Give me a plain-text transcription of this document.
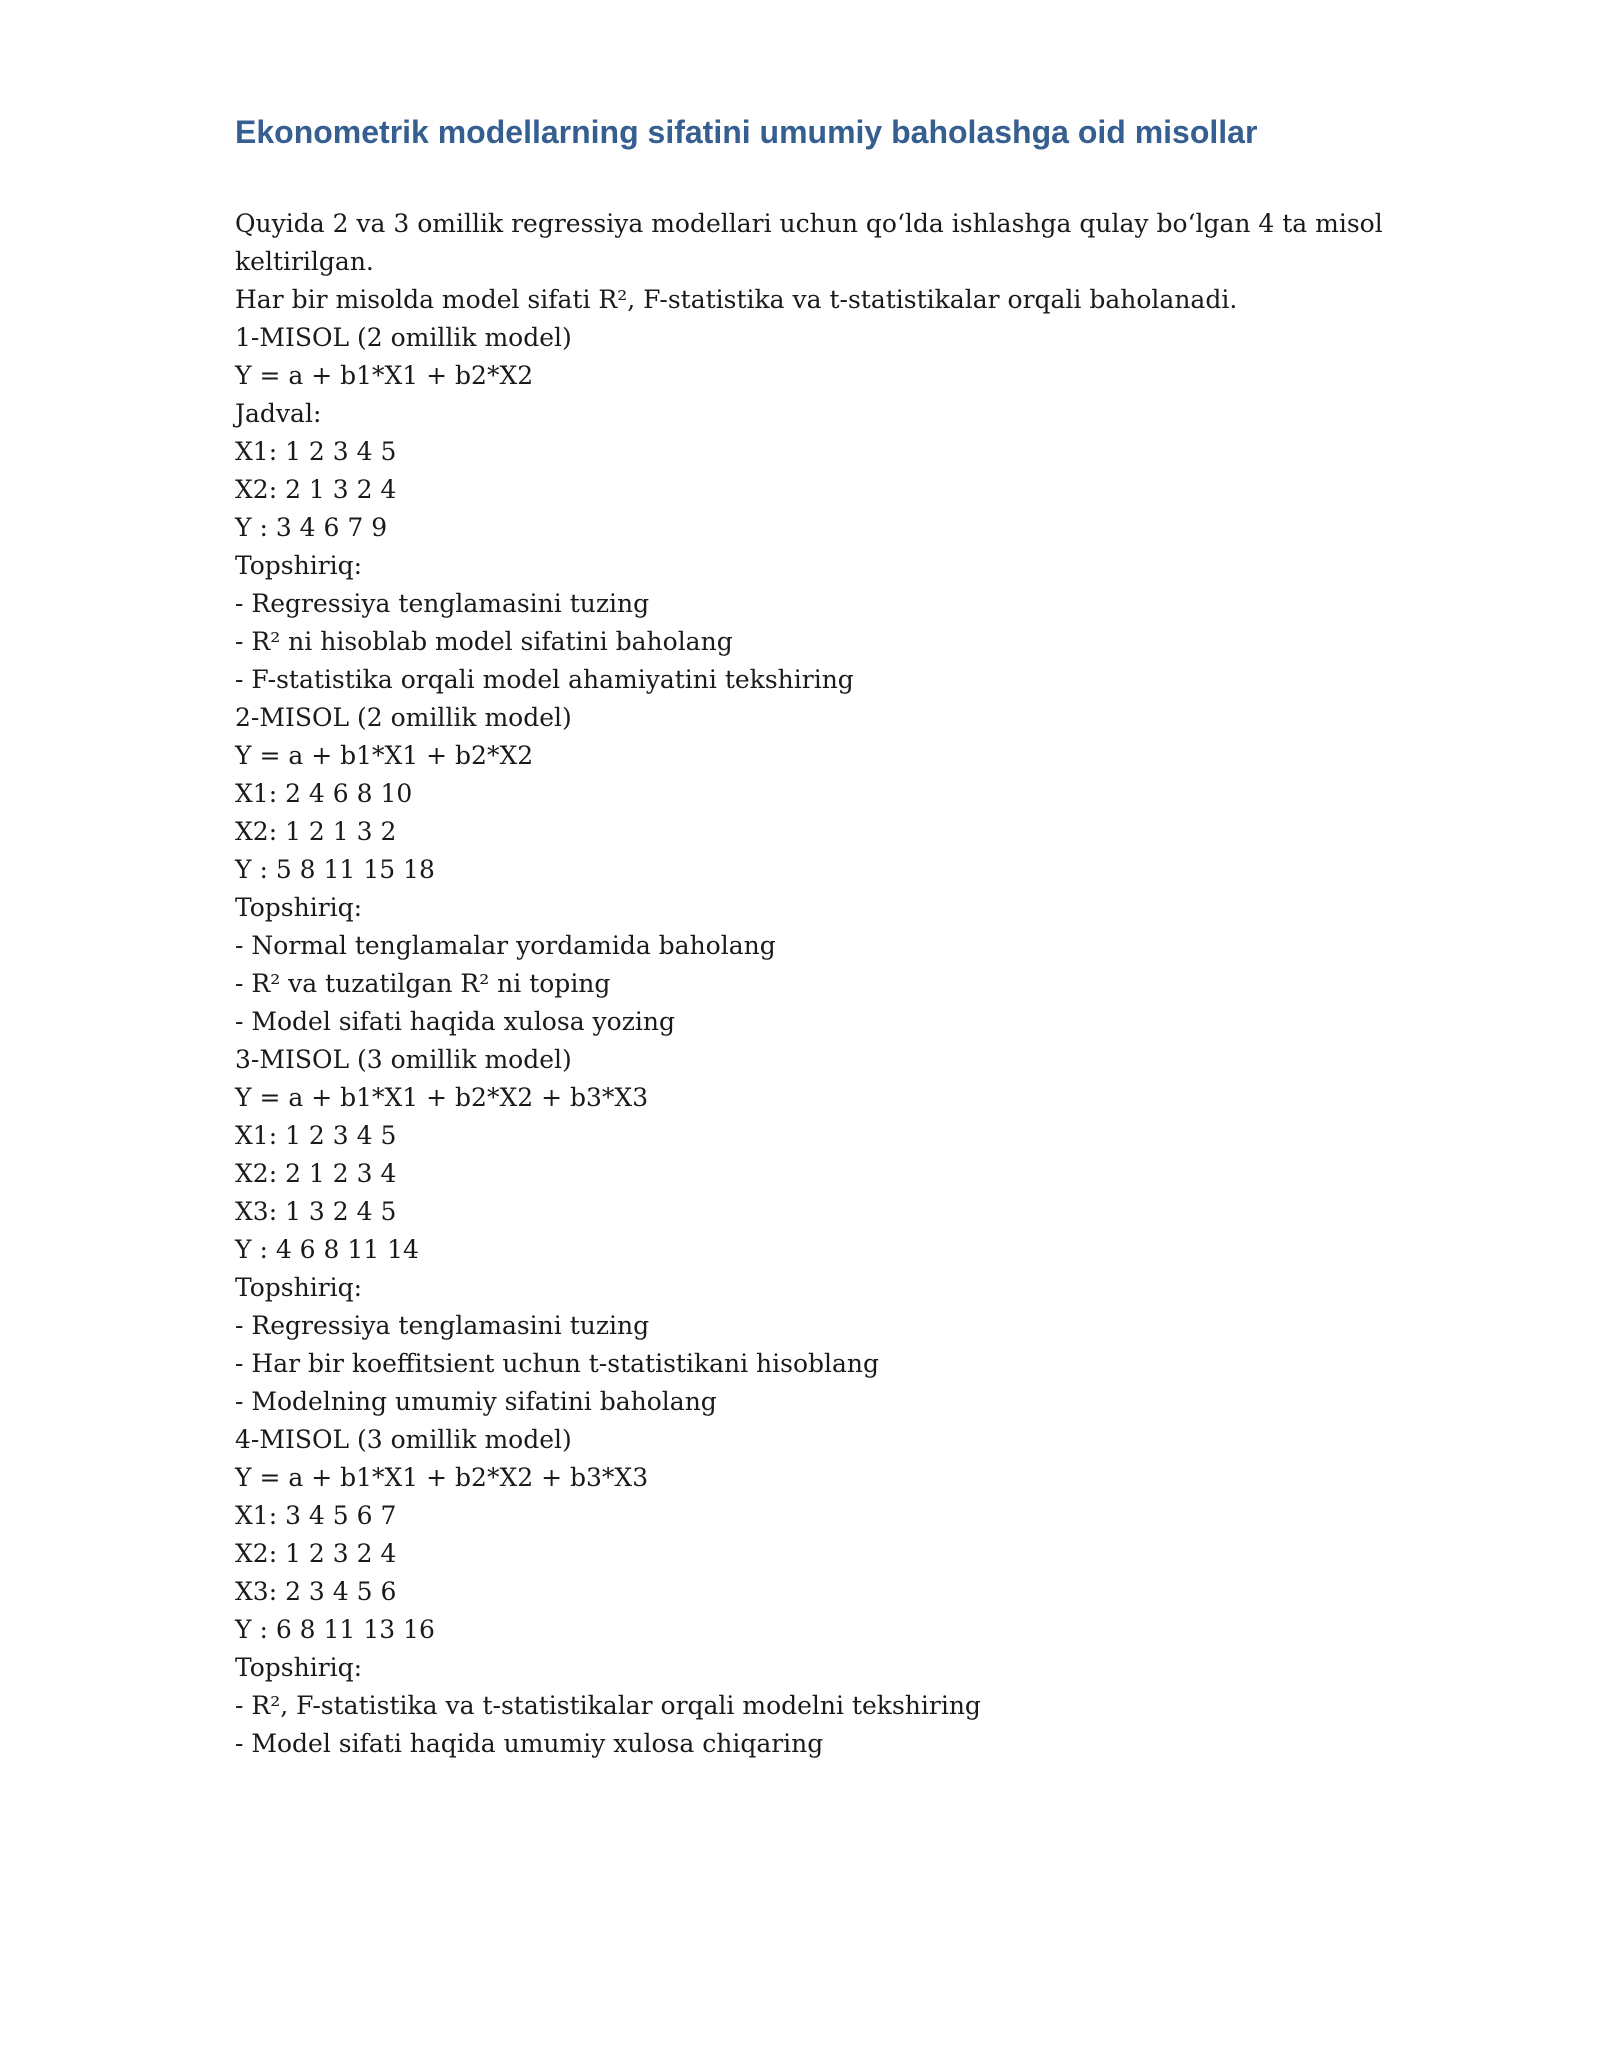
Ekonometrik modellarning sifatini umumiy baholashga oid misollar
Quyida 2 va 3 omillik regressiya modellari uchun qo‘lda ishlashga qulay bo‘lgan 4 ta misol
keltirilgan.
Har bir misolda model sifati R², F-statistika va t-statistikalar orqali baholanadi.
1-MISOL (2 omillik model)
Y = a + b1*X1 + b2*X2
Jadval:
X1: 1 2 3 4 5
X2: 2 1 3 2 4
Y : 3 4 6 7 9
Topshiriq:
- Regressiya tenglamasini tuzing
- R² ni hisoblab model sifatini baholang
- F-statistika orqali model ahamiyatini tekshiring
2-MISOL (2 omillik model)
Y = a + b1*X1 + b2*X2
X1: 2 4 6 8 10
X2: 1 2 1 3 2
Y : 5 8 11 15 18
Topshiriq:
- Normal tenglamalar yordamida baholang
- R² va tuzatilgan R² ni toping
- Model sifati haqida xulosa yozing
3-MISOL (3 omillik model)
Y = a + b1*X1 + b2*X2 + b3*X3
X1: 1 2 3 4 5
X2: 2 1 2 3 4
X3: 1 3 2 4 5
Y : 4 6 8 11 14
Topshiriq:
- Regressiya tenglamasini tuzing
- Har bir koeffitsient uchun t-statistikani hisoblang
- Modelning umumiy sifatini baholang
4-MISOL (3 omillik model)
Y = a + b1*X1 + b2*X2 + b3*X3
X1: 3 4 5 6 7
X2: 1 2 3 2 4
X3: 2 3 4 5 6
Y : 6 8 11 13 16
Topshiriq:
- R², F-statistika va t-statistikalar orqali modelni tekshiring
- Model sifati haqida umumiy xulosa chiqaring
